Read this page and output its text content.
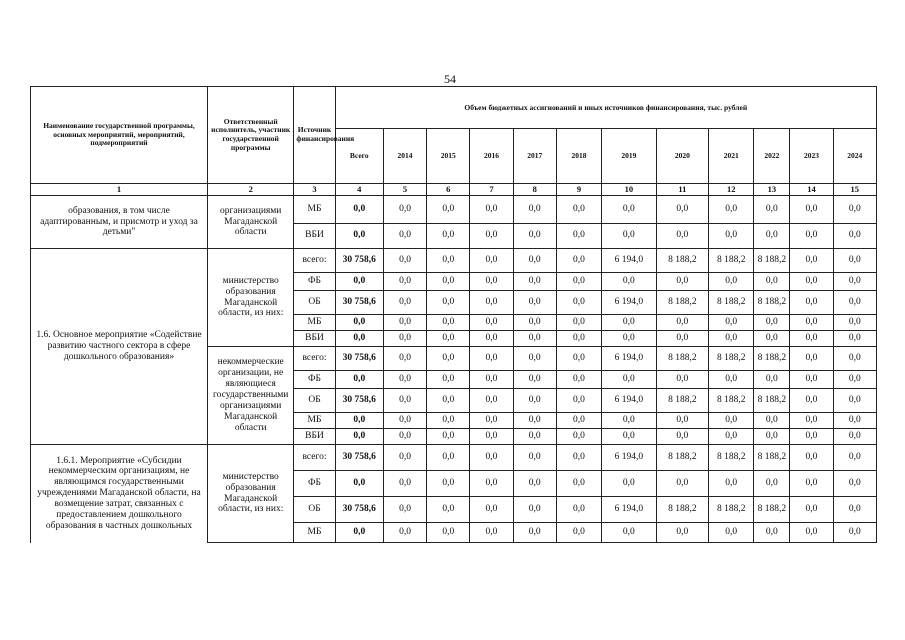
54
Наименование государственной программы, основных мероприятий, мероприятий, подмероприятий	Ответственный исполнитель, участник государственной программы	Источник финансирования	Объем бюджетных ассигнований и иных источников финансирования, тыс. рублей											
			Всего	2014	2015	2016	2017	2018	2019	2020	2021	2022	2023	2024
1	2	3	4	5	6	7	8	9	10	11	12	13	14	15
образования, в том числе адаптированным, и присмотр и уход за детьми"	организациями Магаданской области	МБ	0,0	0,0	0,0	0,0	0,0	0,0	0,0	0,0	0,0	0,0	0,0	0,0
		ВБИ	0,0	0,0	0,0	0,0	0,0	0,0	0,0	0,0	0,0	0,0	0,0	0,0
1.6. Основное мероприятие «Содействие развитию частного сектора в сфере дошкольного образования»	министерство образования Магаданской области, из них:	всего:	30 758,6	0,0	0,0	0,0	0,0	0,0	6 194,0	8 188,2	8 188,2	8 188,2	0,0	0,0
		ФБ	0,0	0,0	0,0	0,0	0,0	0,0	0,0	0,0	0,0	0,0	0,0	0,0
		ОБ	30 758,6	0,0	0,0	0,0	0,0	0,0	6 194,0	8 188,2	8 188,2	8 188,2	0,0	0,0
		МБ	0,0	0,0	0,0	0,0	0,0	0,0	0,0	0,0	0,0	0,0	0,0	0,0
		ВБИ	0,0	0,0	0,0	0,0	0,0	0,0	0,0	0,0	0,0	0,0	0,0	0,0
	некоммерческие организации, не являющиеся государственными организациями Магаданской области	всего:	30 758,6	0,0	0,0	0,0	0,0	0,0	6 194,0	8 188,2	8 188,2	8 188,2	0,0	0,0
		ФБ	0,0	0,0	0,0	0,0	0,0	0,0	0,0	0,0	0,0	0,0	0,0	0,0
		ОБ	30 758,6	0,0	0,0	0,0	0,0	0,0	6 194,0	8 188,2	8 188,2	8 188,2	0,0	0,0
		МБ	0,0	0,0	0,0	0,0	0,0	0,0	0,0	0,0	0,0	0,0	0,0	0,0
		ВБИ	0,0	0,0	0,0	0,0	0,0	0,0	0,0	0,0	0,0	0,0	0,0	0,0
1.6.1. Мероприятие «Субсидии некоммерческим организациям, не являющимся государственными учреждениями Магаданской области, на возмещение затрат, связанных с предоставлением дошкольного образования в частных дошкольных	министерство образования Магаданской области, из них:	всего:	30 758,6	0,0	0,0	0,0	0,0	0,0	6 194,0	8 188,2	8 188,2	8 188,2	0,0	0,0
		ФБ	0,0	0,0	0,0	0,0	0,0	0,0	0,0	0,0	0,0	0,0	0,0	0,0
		ОБ	30 758,6	0,0	0,0	0,0	0,0	0,0	6 194,0	8 188,2	8 188,2	8 188,2	0,0	0,0
		МБ	0,0	0,0	0,0	0,0	0,0	0,0	0,0	0,0	0,0	0,0	0,0	0,0
